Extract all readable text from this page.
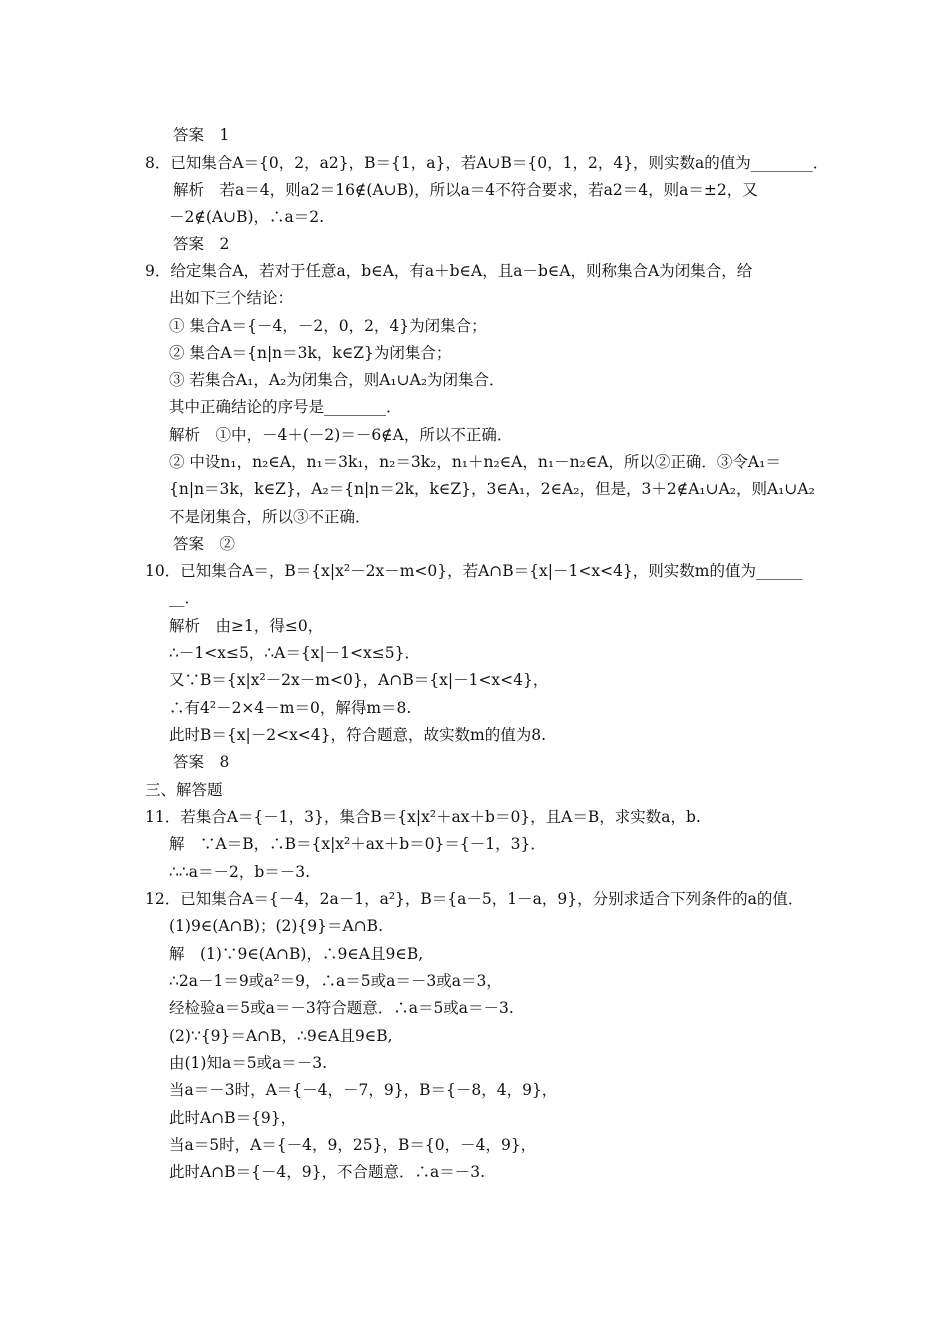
答案　1
8．已知集合A＝{0，2，a2}，B＝{1，a}，若A∪B＝{0，1，2，4}，则实数a的值为________．
解析　若a＝4，则a2＝16∉(A∪B)，所以a＝4不符合要求，若a2＝4，则a＝±2，又
－2∉(A∪B)，∴a＝2.
答案　2
9．给定集合A，若对于任意a，b∈A，有a＋b∈A，且a－b∈A，则称集合A为闭集合，给
出如下三个结论：
① 集合A＝{－4，－2，0，2，4}为闭集合；
② 集合A＝{n|n＝3k，k∈Z}为闭集合；
③ 若集合A₁，A₂为闭集合，则A₁∪A₂为闭集合．
其中正确结论的序号是________．
解析　①中，－4＋(－2)＝－6∉A，所以不正确．
② 中设n₁，n₂∈A，n₁＝3k₁，n₂＝3k₂，n₁＋n₂∈A，n₁－n₂∈A，所以②正确．③令A₁＝
{n|n＝3k，k∈Z}，A₂＝{n|n＝2k，k∈Z}，3∈A₁，2∈A₂，但是，3＋2∉A₁∪A₂，则A₁∪A₂
不是闭集合，所以③不正确．
答案　②
10．已知集合A＝，B＝{x|x²－2x－m<0}，若A∩B＝{x|－1<x<4}，则实数m的值为______
__．
解析　由≥1，得≤0，
∴－1<x≤5，∴A＝{x|－1<x≤5}．
又∵B＝{x|x²－2x－m<0}，A∩B＝{x|－1<x<4}，
∴有4²－2×4－m＝0，解得m＝8.
此时B＝{x|－2<x<4}，符合题意，故实数m的值为8.
答案　8
三、解答题
11．若集合A＝{－1，3}，集合B＝{x|x²＋ax＋b＝0}，且A＝B，求实数a，b.
解　∵A＝B，∴B＝{x|x²＋ax＋b＝0}＝{－1，3}．
∴∴a＝－2，b＝－3.
12．已知集合A＝{－4，2a－1，a²}，B＝{a－5，1－a，9}，分别求适合下列条件的a的值．
(1)9∈(A∩B)；(2){9}＝A∩B.
解　(1)∵9∈(A∩B)，∴9∈A且9∈B,
∴2a－1＝9或a²＝9，∴a＝5或a＝－3或a＝3，
经检验a＝5或a＝－3符合题意．∴a＝5或a＝－3.
(2)∵{9}＝A∩B，∴9∈A且9∈B,
由(1)知a＝5或a＝－3.
当a＝－3时，A＝{－4，－7，9}，B＝{－8，4，9}，
此时A∩B＝{9}，
当a＝5时，A＝{－4，9，25}，B＝{0，－4，9}，
此时A∩B＝{－4，9}，不合题意．∴a＝－3.
